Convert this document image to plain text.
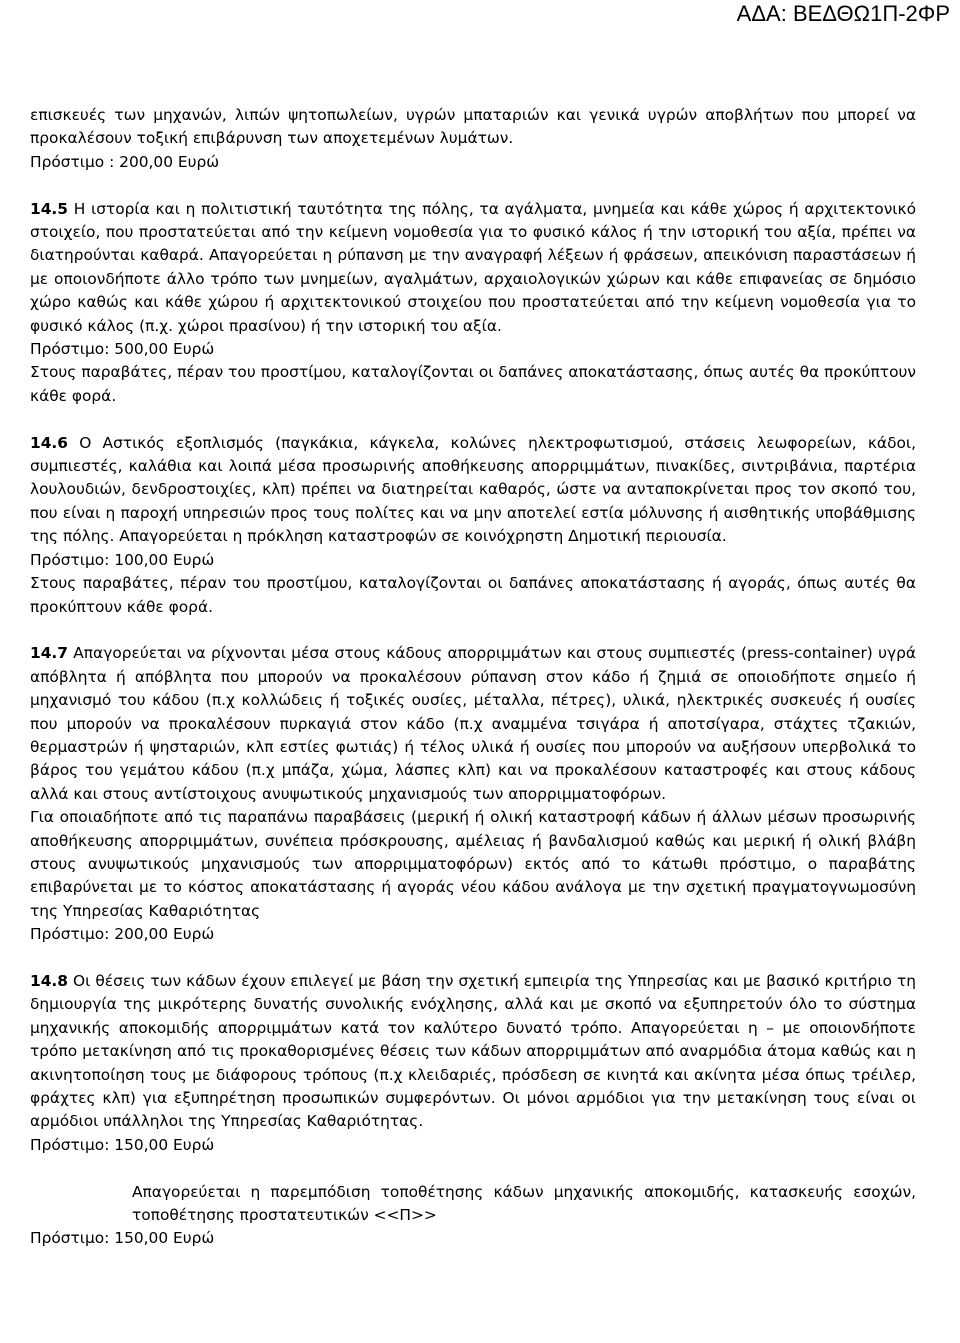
ΑΔΑ: ΒΕΔΘΩ1Π-2ΦΡ

επισκευές των μηχανών, λιπών ψητοπωλείων, υγρών μπαταριών και γενικά υγρών αποβλήτων που μπορεί να προκαλέσουν τοξική επιβάρυνση των αποχετεμένων λυμάτων.

Πρόστιμο : 200,00 Ευρώ

14.5 Η ιστορία και η πολιτιστική ταυτότητα της πόλης, τα αγάλματα, μνημεία και κάθε χώρος ή αρχιτεκτονικό στοιχείο, που προστατεύεται από την κείμενη νομοθεσία για το φυσικό κάλος ή την ιστορική του αξία, πρέπει να διατηρούνται καθαρά. Απαγορεύεται η ρύπανση με την αναγραφή λέξεων ή φράσεων, απεικόνιση παραστάσεων ή με οποιονδήποτε άλλο τρόπο των μνημείων, αγαλμάτων, αρχαιολογικών χώρων και κάθε επιφανείας σε δημόσιο χώρο καθώς και κάθε χώρου ή αρχιτεκτονικού στοιχείου που προστατεύεται από την κείμενη νομοθεσία για το φυσικό κάλος (π.χ. χώροι πρασίνου) ή την ιστορική του αξία.

Πρόστιμο: 500,00 Ευρώ

Στους παραβάτες, πέραν του προστίμου, καταλογίζονται οι δαπάνες αποκατάστασης, όπως αυτές θα προκύπτουν κάθε φορά.

14.6 Ο Αστικός εξοπλισμός (παγκάκια, κάγκελα, κολώνες ηλεκτροφωτισμού, στάσεις λεωφορείων, κάδοι, συμπιεστές, καλάθια και λοιπά μέσα προσωρινής αποθήκευσης απορριμμάτων, πινακίδες, σιντριβάνια, παρτέρια λουλουδιών, δενδροστοιχίες, κλπ) πρέπει να διατηρείται καθαρός, ώστε να ανταποκρίνεται προς τον σκοπό του, που είναι η παροχή υπηρεσιών προς τους πολίτες και να μην αποτελεί εστία μόλυνσης ή αισθητικής υποβάθμισης της πόλης. Απαγορεύεται η πρόκληση καταστροφών σε κοινόχρηστη Δημοτική περιουσία.

Πρόστιμο: 100,00 Ευρώ

Στους παραβάτες, πέραν του προστίμου, καταλογίζονται οι δαπάνες αποκατάστασης ή αγοράς, όπως αυτές θα προκύπτουν κάθε φορά.

14.7 Απαγορεύεται να ρίχνονται μέσα στους κάδους απορριμμάτων και στους συμπιεστές (press-container) υγρά απόβλητα ή απόβλητα που μπορούν να προκαλέσουν ρύπανση στον κάδο ή ζημιά σε οποιοδήποτε σημείο ή μηχανισμό του κάδου (π.χ κολλώδεις ή τοξικές ουσίες, μέταλλα, πέτρες), υλικά, ηλεκτρικές συσκευές ή ουσίες που μπορούν να προκαλέσουν πυρκαγιά στον κάδο (π.χ αναμμένα τσιγάρα ή αποτσίγαρα, στάχτες τζακιών, θερμαστρών ή ψησταριών, κλπ εστίες φωτιάς) ή τέλος υλικά ή ουσίες που μπορούν να αυξήσουν υπερβολικά το βάρος του γεμάτου κάδου (π.χ μπάζα, χώμα, λάσπες κλπ) και να προκαλέσουν καταστροφές και στους κάδους αλλά και στους αντίστοιχους ανυψωτικούς μηχανισμούς των απορριμματοφόρων.

Για οποιαδήποτε από τις παραπάνω παραβάσεις (μερική ή ολική καταστροφή κάδων ή άλλων μέσων προσωρινής αποθήκευσης απορριμμάτων, συνέπεια πρόσκρουσης, αμέλειας ή βανδαλισμού καθώς και μερική ή ολική βλάβη στους ανυψωτικούς μηχανισμούς των απορριμματοφόρων) εκτός από το κάτωθι πρόστιμο, ο παραβάτης επιβαρύνεται με το κόστος αποκατάστασης ή αγοράς νέου κάδου ανάλογα με την σχετική πραγματογνωμοσύνη της Υπηρεσίας Καθαριότητας

Πρόστιμο: 200,00 Ευρώ

14.8 Οι θέσεις των κάδων έχουν επιλεγεί με βάση την σχετική εμπειρία της Υπηρεσίας και με βασικό κριτήριο τη δημιουργία της μικρότερης δυνατής συνολικής ενόχλησης, αλλά και με σκοπό να εξυπηρετούν όλο το σύστημα μηχανικής αποκομιδής απορριμμάτων κατά τον καλύτερο δυνατό τρόπο. Απαγορεύεται η – με οποιονδήποτε τρόπο μετακίνηση από τις προκαθορισμένες θέσεις των κάδων απορριμμάτων από αναρμόδια άτομα καθώς και η ακινητοποίηση τους με διάφορους τρόπους (π.χ κλειδαριές, πρόσδεση σε κινητά και ακίνητα μέσα όπως τρέιλερ, φράχτες κλπ) για εξυπηρέτηση προσωπικών συμφερόντων. Οι μόνοι αρμόδιοι για την μετακίνηση τους είναι οι αρμόδιοι υπάλληλοι της Υπηρεσίας Καθαριότητας.

Πρόστιμο: 150,00 Ευρώ

Απαγορεύεται η παρεμπόδιση τοποθέτησης κάδων μηχανικής αποκομιδής, κατασκευής εσοχών, τοποθέτησης προστατευτικών <<Π>>

Πρόστιμο: 150,00 Ευρώ
